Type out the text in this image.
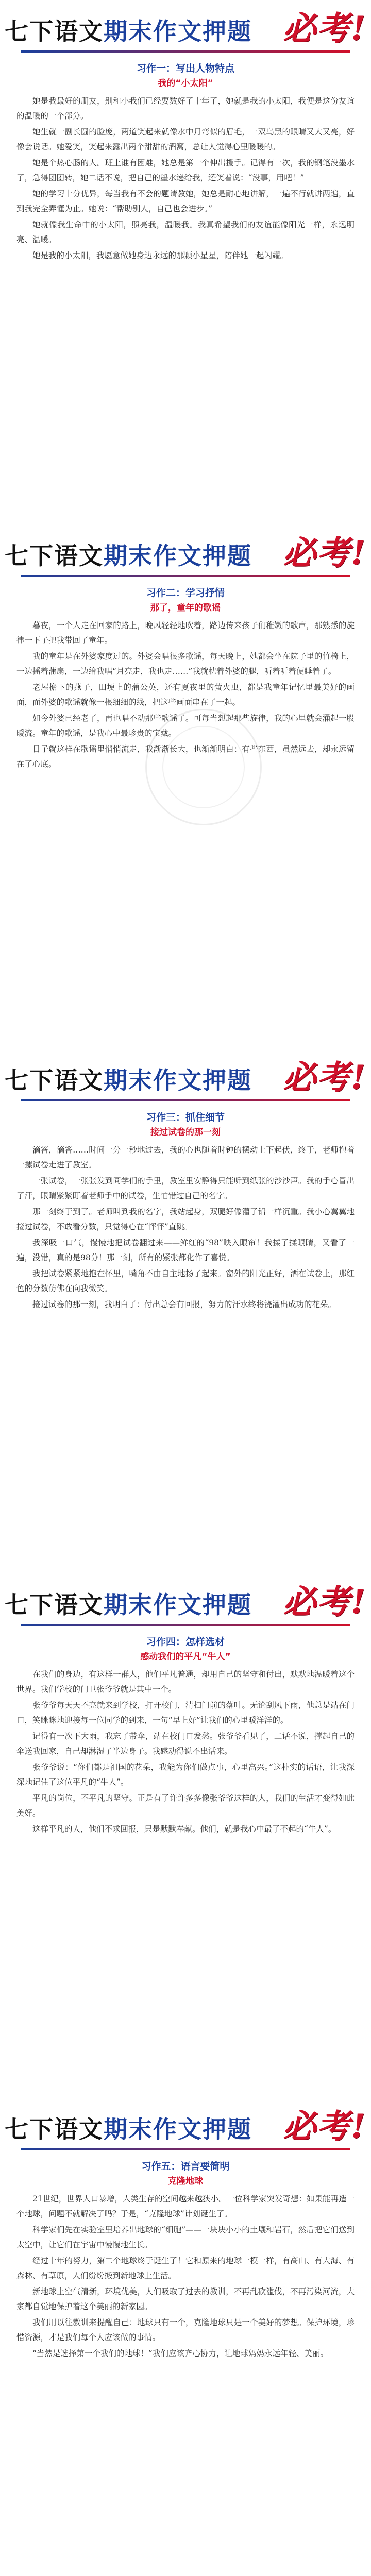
七下语文期末作文押题 必考!
习作一：写出人物特点
我的“小太阳”

她是我最好的朋友，别和小我们已经要数好了十年了，她就是我的小太阳，我便是这份友谊的温暖的一个部分。

她生就一副长圆的脸庞，两道笑起来就像水中月弯似的眉毛，一双乌黑的眼睛又大又亮，好像会说话。她爱笑，笑起来露出两个甜甜的酒窝，总让人觉得心里暖暖的。

她是个热心肠的人。班上谁有困难，她总是第一个伸出援手。记得有一次，我的钢笔没墨水了，急得团团转，她二话不说，把自己的墨水递给我，还笑着说：“没事，用吧！”

她的学习十分优异，每当我有不会的题请教她，她总是耐心地讲解，一遍不行就讲两遍，直到我完全弄懂为止。她说：“帮助别人，自己也会进步。”

她就像我生命中的小太阳，照亮我，温暖我。我真希望我们的友谊能像阳光一样，永远明亮、温暖。

她是我的小太阳，我愿意做她身边永远的那颗小星星，陪伴她一起闪耀。

七下语文期末作文押题 必考!
习作二：学习抒情
那了，童年的歌谣

暮夜，一个人走在回家的路上，晚风轻轻地吹着，路边传来孩子们稚嫩的歌声，那熟悉的旋律一下子把我带回了童年。

我的童年是在外婆家度过的。外婆会唱很多歌谣，每天晚上，她都会坐在院子里的竹椅上，一边摇着蒲扇，一边给我唱“月亮走，我也走……”我就枕着外婆的腿，听着听着便睡着了。

老屋檐下的燕子，田埂上的蒲公英，还有夏夜里的萤火虫，都是我童年记忆里最美好的画面，而外婆的歌谣就像一根细细的线，把这些画面串在了一起。

如今外婆已经老了，再也唱不动那些歌谣了。可每当想起那些旋律，我的心里就会涌起一股暖流。童年的歌谣，是我心中最珍贵的宝藏。

日子就这样在歌谣里悄悄流走，我渐渐长大，也渐渐明白：有些东西，虽然远去，却永远留在了心底。

七下语文期末作文押题 必考!
习作三：抓住细节
接过试卷的那一刻

滴答，滴答……时间一分一秒地过去，我的心也随着时钟的摆动上下起伏，终于，老师抱着一摞试卷走进了教室。

一张试卷，一张张发到同学们的手里，教室里安静得只能听到纸张的沙沙声。我的手心冒出了汗，眼睛紧紧盯着老师手中的试卷，生怕错过自己的名字。

那一刻终于到了。老师叫到我的名字，我站起身，双腿好像灌了铅一样沉重。我小心翼翼地接过试卷，不敢看分数，只觉得心在“怦怦”直跳。

我深吸一口气，慢慢地把试卷翻过来——鲜红的“98”映入眼帘！我揉了揉眼睛，又看了一遍，没错，真的是98分！那一刻，所有的紧张都化作了喜悦。

我把试卷紧紧地抱在怀里，嘴角不由自主地扬了起来。窗外的阳光正好，洒在试卷上，那红色的分数仿佛在向我微笑。

接过试卷的那一刻，我明白了：付出总会有回报，努力的汗水终将浇灌出成功的花朵。

七下语文期末作文押题 必考!
习作四：怎样选材
感动我们的平凡“牛人”

在我们的身边，有这样一群人，他们平凡普通，却用自己的坚守和付出，默默地温暖着这个世界。我们学校的门卫张爷爷就是其中一个。

张爷爷每天天不亮就来到学校，打开校门，清扫门前的落叶。无论刮风下雨，他总是站在门口，笑眯眯地迎接每一位同学的到来，一句“早上好”让我们的心里暖洋洋的。

记得有一次下大雨，我忘了带伞，站在校门口发愁。张爷爷看见了，二话不说，撑起自己的伞送我回家，自己却淋湿了半边身子。我感动得说不出话来。

张爷爷说：“你们都是祖国的花朵，我能为你们做点事，心里高兴。”这朴实的话语，让我深深地记住了这位平凡的“牛人”。

平凡的岗位，不平凡的坚守。正是有了许许多多像张爷爷这样的人，我们的生活才变得如此美好。

这样平凡的人，他们不求回报，只是默默奉献。他们，就是我心中最了不起的“牛人”。

七下语文期末作文押题 必考!
习作五：语言要简明
克隆地球

21世纪，世界人口暴增，人类生存的空间越来越狭小。一位科学家突发奇想：如果能再造一个地球，问题不就解决了吗？于是，“克隆地球”计划诞生了。

科学家们先在实验室里培养出地球的“细胞”——一块块小小的土壤和岩石，然后把它们送到太空中，让它们在宇宙中慢慢地生长。

经过十年的努力，第二个地球终于诞生了！它和原来的地球一模一样，有高山、有大海、有森林、有草原，人们纷纷搬到新地球上生活。

新地球上空气清新，环境优美，人们吸取了过去的教训，不再乱砍滥伐，不再污染河流，大家都自觉地保护着这个美丽的新家园。

我们用以往教训来提醒自己：地球只有一个，克隆地球只是一个美好的梦想。保护环境，珍惜资源，才是我们每个人应该做的事情。

“当然是选择第一个我们的地球！”我们应该齐心协力，让地球妈妈永远年轻、美丽。
